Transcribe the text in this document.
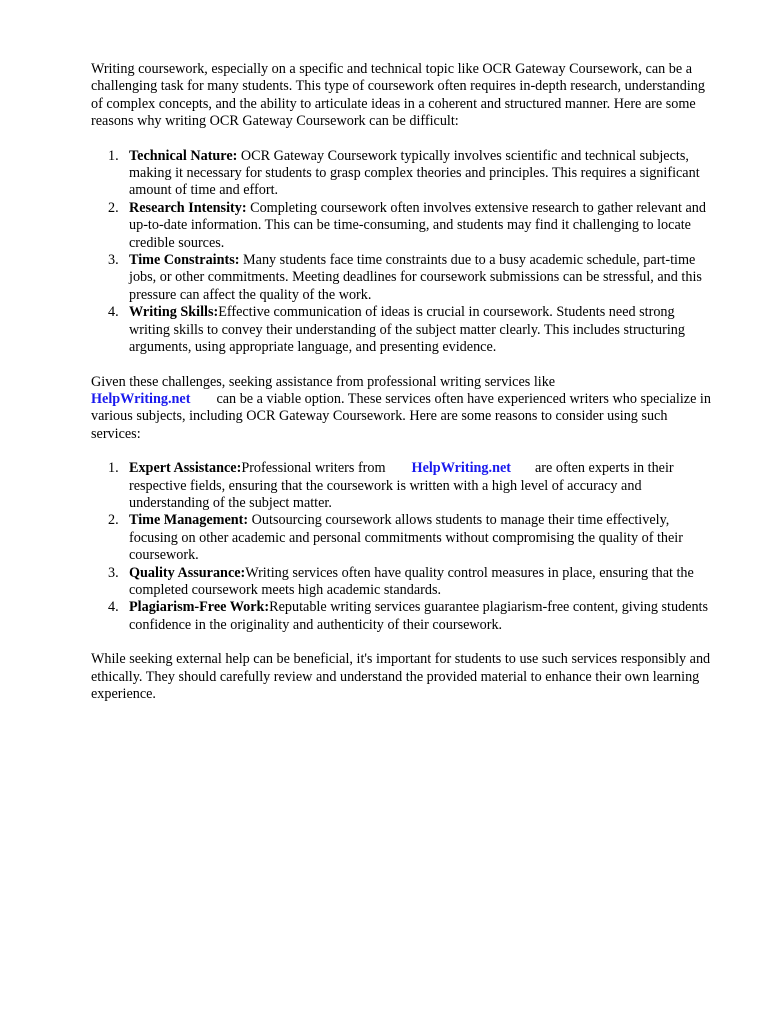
Writing coursework, especially on a specific and technical topic like OCR Gateway Coursework, can be a challenging task for many students. This type of coursework often requires in-depth research, understanding of complex concepts, and the ability to articulate ideas in a coherent and structured manner. Here are some reasons why writing OCR Gateway Coursework can be difficult:

1. Technical Nature: OCR Gateway Coursework typically involves scientific and technical subjects, making it necessary for students to grasp complex theories and principles. This requires a significant amount of time and effort.
2. Research Intensity: Completing coursework often involves extensive research to gather relevant and up-to-date information. This can be time-consuming, and students may find it challenging to locate credible sources.
3. Time Constraints: Many students face time constraints due to a busy academic schedule, part-time jobs, or other commitments. Meeting deadlines for coursework submissions can be stressful, and this pressure can affect the quality of the work.
4. Writing Skills:Effective communication of ideas is crucial in coursework. Students need strong writing skills to convey their understanding of the subject matter clearly. This includes structuring arguments, using appropriate language, and presenting evidence.

Given these challenges, seeking assistance from professional writing services like
HelpWriting.net can be a viable option. These services often have experienced writers who specialize in various subjects, including OCR Gateway Coursework. Here are some reasons to consider using such services:

1. Expert Assistance:Professional writers from HelpWriting.net are often experts in their respective fields, ensuring that the coursework is written with a high level of accuracy and understanding of the subject matter.
2. Time Management: Outsourcing coursework allows students to manage their time effectively, focusing on other academic and personal commitments without compromising the quality of their coursework.
3. Quality Assurance:Writing services often have quality control measures in place, ensuring that the completed coursework meets high academic standards.
4. Plagiarism-Free Work:Reputable writing services guarantee plagiarism-free content, giving students confidence in the originality and authenticity of their coursework.

While seeking external help can be beneficial, it's important for students to use such services responsibly and ethically. They should carefully review and understand the provided material to enhance their own learning experience.
